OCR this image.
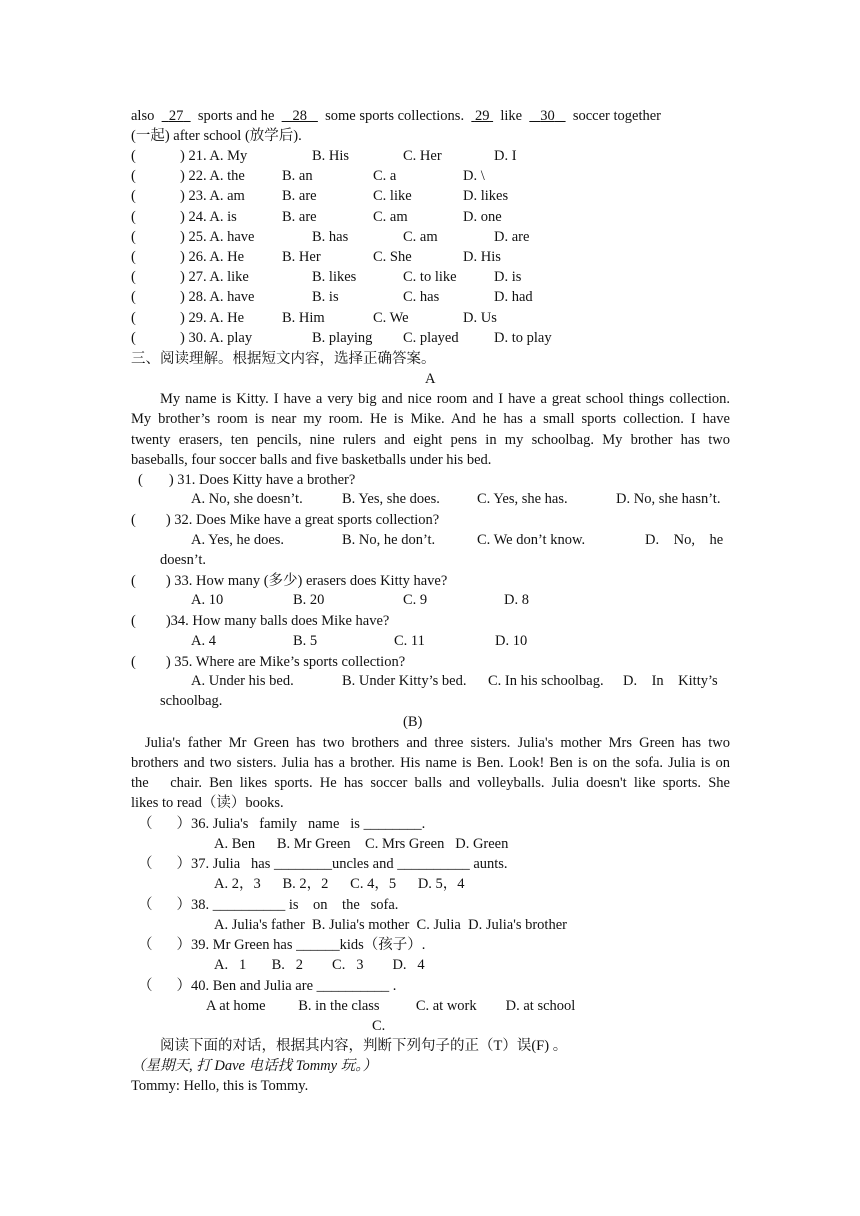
also 27 sports and he 28 some sports collections. 29 like 30 soccer together
(一起) after school (放学后).
(	) 21. A. My	B. His	C. Her	D. I
(	) 22. A. the	B. an	C. a	D. \
(	) 23. A. am	B. are	C. like	D. likes
(	) 24. A. is	B. are	C. am	D. one
(	) 25. A. have	B. has	C. am	D. are
(	) 26. A. He	B. Her	C. She	D. His
(	) 27. A. like	B. likes	C. to like	D. is
(	) 28. A. have	B. is	C. has	D. had
(	) 29. A. He	B. Him	C. We	D. Us
(	) 30. A. play	B. playing C. played D. to play
三、阅读理解。根据短文内容，选择正确答案。
A
My name is Kitty. I have a very big and nice room and I have a great school things collection.
My brother’s room is near my room. He is Mike. And he has a small sports collection. I have
twenty erasers, ten pencils, nine rulers and eight pens in my schoolbag. My brother has two
baseballs, four soccer balls and five basketballs under his bed.
( ) 31. Does Kitty have a brother?
A. No, she doesn’t.	B. Yes, she does.	C. Yes, she has.	D. No, she hasn’t.
( ) 32. Does Mike have a great sports collection?
A. Yes, he does.	B. No, he don’t.	C. We don’t know.	D.    No,    he
doesn’t.
( ) 33. How many (多少) erasers does Kitty have?
A. 10	B. 20	C. 9	D. 8
( )34. How many balls does Mike have?
A. 4	B. 5	C. 11	D. 10
( ) 35. Where are Mike’s sports collection?
A. Under his bed.	B. Under Kitty’s bed. C. In his schoolbag. D.    In    Kitty’s
schoolbag.
(B)
Julia's father Mr Green has two brothers and three sisters. Julia's mother Mrs Green has two
brothers and two sisters. Julia has a brother. His name is Ben. Look! Ben is on the sofa. Julia is on
the   chair. Ben likes sports. He has soccer balls and volleyballs. Julia doesn't like sports. She
likes to read（读）books.
（ ）36. Julia's   family   name   is ________.
A. Ben      B. Mr Green    C. Mrs Green   D. Green
（ ）37. Julia   has ________uncles and __________ aunts.
A. 2，3      B. 2，2      C. 4，5      D. 5，4
（ ）38. __________ is    on    the   sofa.
A. Julia's father  B. Julia's mother  C. Julia  D. Julia's brother
（ ）39. Mr Green has ______kids（孩子）.
A.   1       B.   2        C.   3        D.   4
（ ）40. Ben and Julia are __________ .
A at home         B. in the class          C. at work        D. at school
C.
阅读下面的对话，根据其内容，判断下列句子的正（T）误(F) 。
（星期天, 打 Dave 电话找 Tommy 玩。）
Tommy: Hello, this is Tommy.
